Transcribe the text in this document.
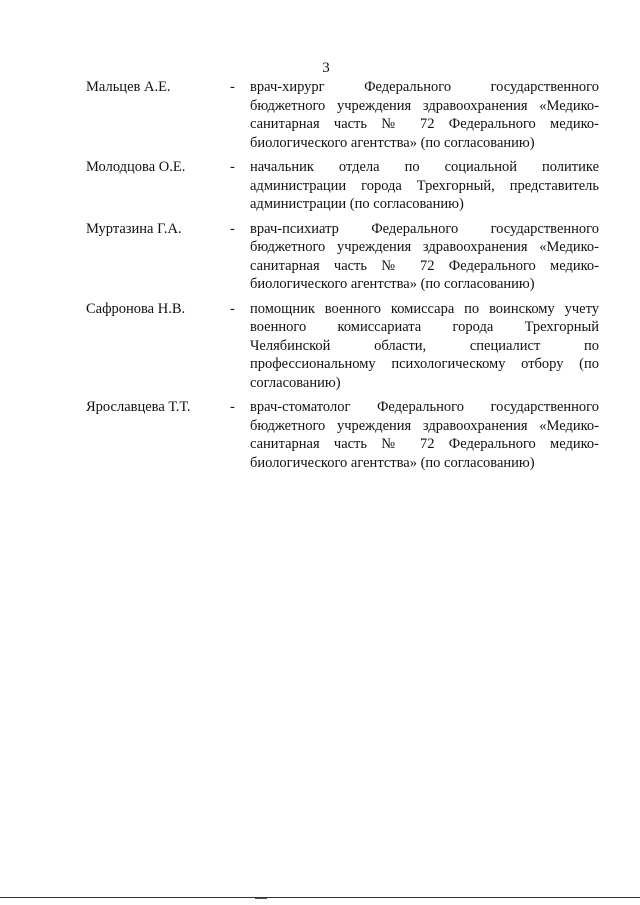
3
Мальцев А.Е.	-	врач-хирург Федерального государственного бюджетного учреждения здравоохранения «Медико-санитарная часть № 72 Федерального медико-биологического агентства» (по согласованию)
Молодцова О.Е.	-	начальник отдела по социальной политике администрации города Трехгорный, представитель администрации (по согласованию)
Муртазина Г.А.	-	врач-психиатр Федерального государственного бюджетного учреждения здравоохранения «Медико-санитарная часть № 72 Федерального медико-биологического агентства» (по согласованию)
Сафронова Н.В.	-	помощник военного комиссара по воинскому учету военного комиссариата города Трехгорный Челябинской области, специалист по профессиональному психологическому отбору (по согласованию)
Ярославцева Т.Т.	-	врач-стоматолог Федерального государственного бюджетного учреждения здравоохранения «Медико-санитарная часть № 72 Федерального медико-биологического агентства» (по согласованию)
